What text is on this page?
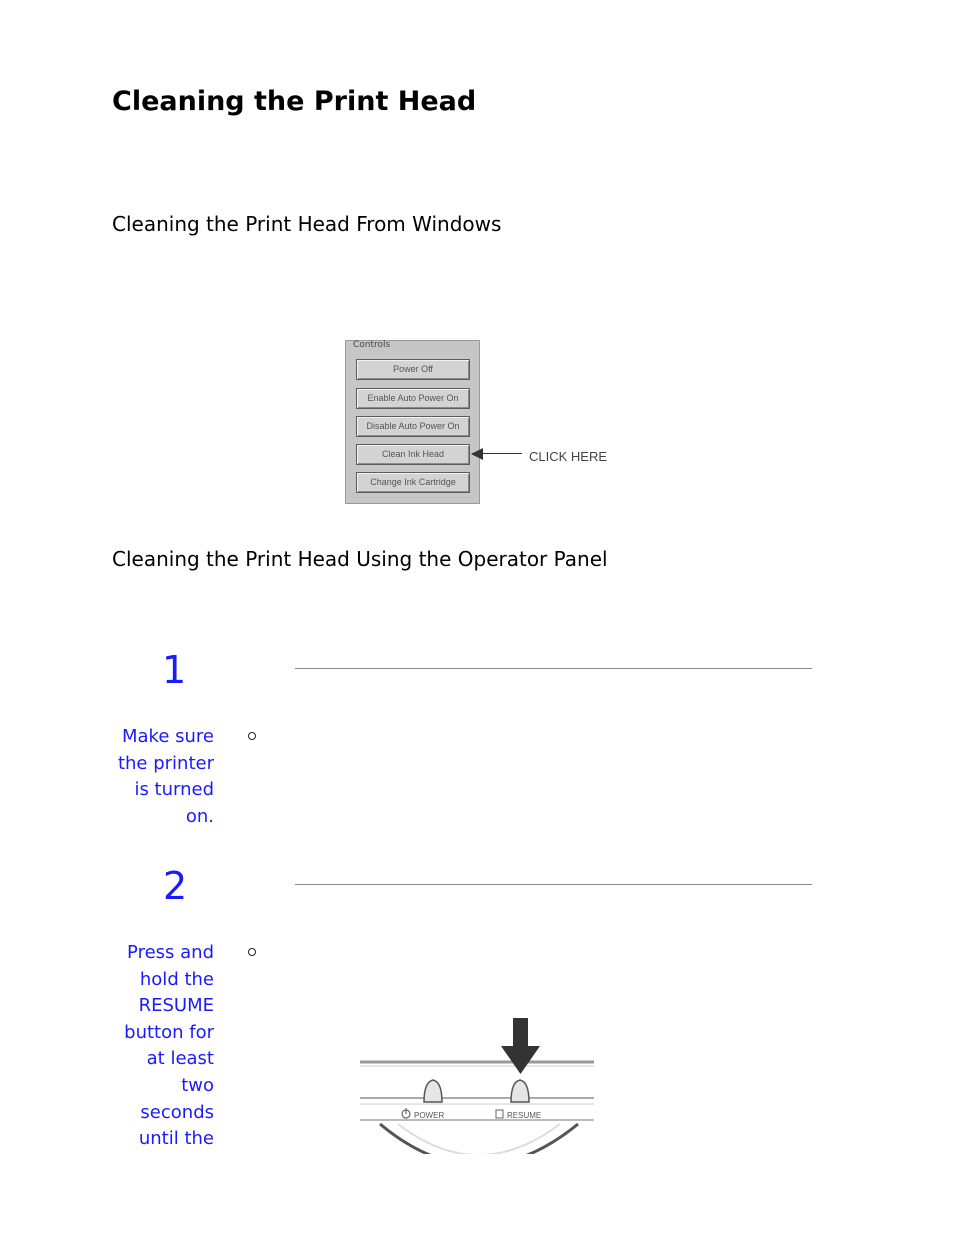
Cleaning the Print Head
Cleaning the Print Head From Windows
Controls
Power Off
Enable Auto Power On
Disable Auto Power On
Clean Ink Head
Change Ink Cartridge
CLICK HERE
Cleaning the Print Head Using the Operator Panel
1
Make sure
the printer
is turned
on.
2
Press and
hold the
RESUME
button for
at least
two
seconds
until the
POWER	RESUME
